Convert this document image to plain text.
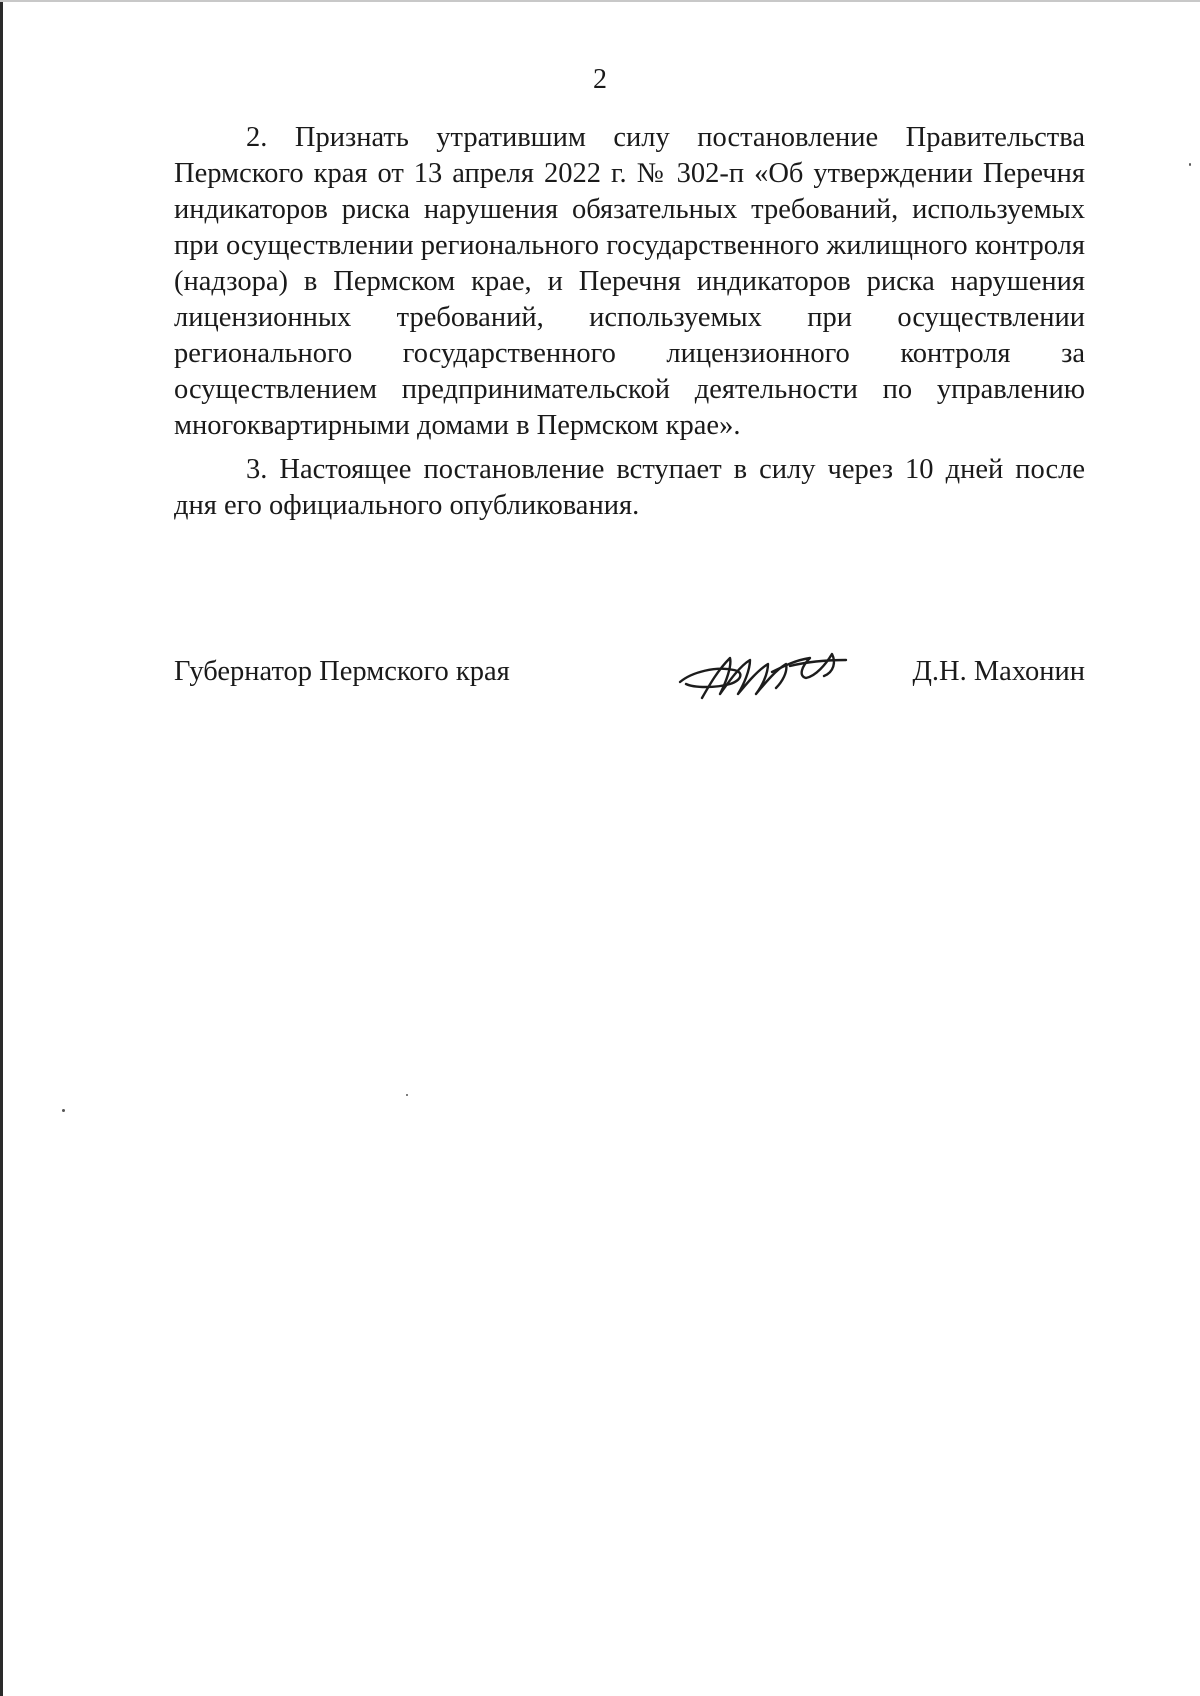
2

2. Признать утратившим силу постановление Правительства Пермского края от 13 апреля 2022 г. № 302-п «Об утверждении Перечня индикаторов риска нарушения обязательных требований, используемых при осуществлении регионального государственного жилищного контроля (надзора) в Пермском крае, и Перечня индикаторов риска нарушения лицензионных требований, используемых при осуществлении регионального государственного лицензионного контроля за осуществлением предпринимательской деятельности по управлению многоквартирными домами в Пермском крае».

3. Настоящее постановление вступает в силу через 10 дней после дня его официального опубликования.

Губернатор Пермского края	Д.Н. Махонин
